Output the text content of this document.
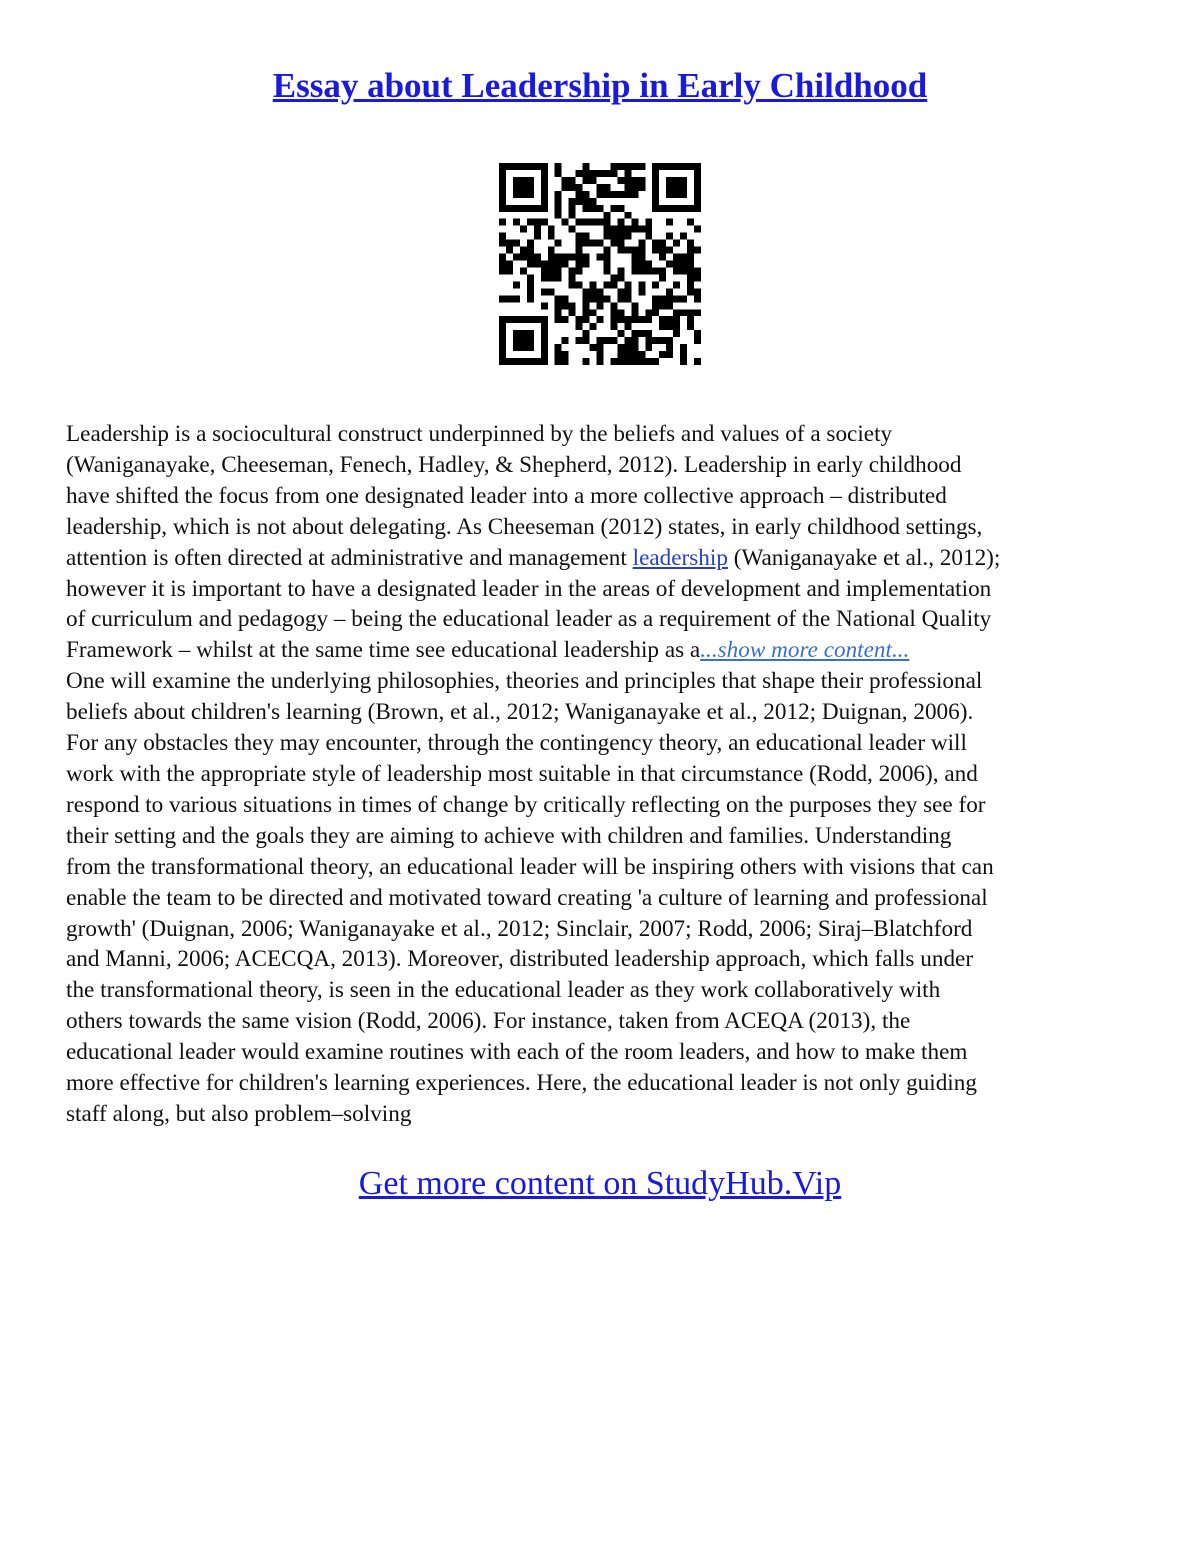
Essay about Leadership in Early Childhood
Leadership is a sociocultural construct underpinned by the beliefs and values of a society
(Waniganayake, Cheeseman, Fenech, Hadley, & Shepherd, 2012). Leadership in early childhood
have shifted the focus from one designated leader into a more collective approach – distributed
leadership, which is not about delegating. As Cheeseman (2012) states, in early childhood settings,
attention is often directed at administrative and management leadership (Waniganayake et al., 2012);
however it is important to have a designated leader in the areas of development and implementation
of curriculum and pedagogy – being the educational leader as a requirement of the National Quality
Framework – whilst at the same time see educational leadership as a...show more content...
One will examine the underlying philosophies, theories and principles that shape their professional
beliefs about children's learning (Brown, et al., 2012; Waniganayake et al., 2012; Duignan, 2006).
For any obstacles they may encounter, through the contingency theory, an educational leader will
work with the appropriate style of leadership most suitable in that circumstance (Rodd, 2006), and
respond to various situations in times of change by critically reflecting on the purposes they see for
their setting and the goals they are aiming to achieve with children and families. Understanding
from the transformational theory, an educational leader will be inspiring others with visions that can
enable the team to be directed and motivated toward creating 'a culture of learning and professional
growth' (Duignan, 2006; Waniganayake et al., 2012; Sinclair, 2007; Rodd, 2006; Siraj–Blatchford
and Manni, 2006; ACECQA, 2013). Moreover, distributed leadership approach, which falls under
the transformational theory, is seen in the educational leader as they work collaboratively with
others towards the same vision (Rodd, 2006). For instance, taken from ACEQA (2013), the
educational leader would examine routines with each of the room leaders, and how to make them
more effective for children's learning experiences. Here, the educational leader is not only guiding
staff along, but also problem–solving

Get more content on StudyHub.Vip
